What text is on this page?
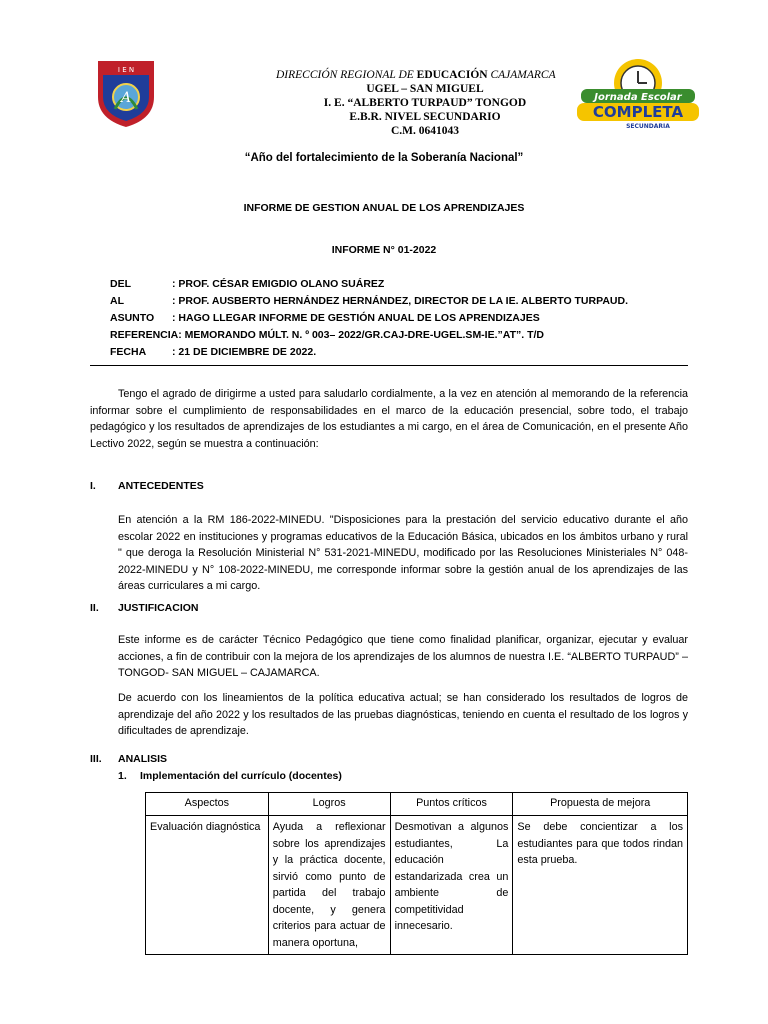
A
I E N	DIRECCIÓN REGIONAL DE EDUCACIÓN CAJAMARCA
UGEL – SAN MIGUEL
I. E. “ALBERTO TURPAUD” TONGOD
E.B.R. NIVEL SECUNDARIO
C.M. 0641043
Jornada Escolar
COMPLETA
SECUNDARIA
“Año del fortalecimiento de la Soberanía Nacional”
INFORME DE GESTION ANUAL DE LOS APRENDIZAJES
INFORME N° 01-2022
DEL	: PROF. CÉSAR EMIGDIO OLANO SUÁREZ
AL	: PROF. AUSBERTO HERNÁNDEZ HERNÁNDEZ, DIRECTOR DE LA IE. ALBERTO TURPAUD.
ASUNTO	: HAGO LLEGAR INFORME DE GESTIÓN ANUAL DE LOS APRENDIZAJES
REFERENCIA: MEMORANDO MÚLT. N. º 003– 2022/GR.CAJ-DRE-UGEL.SM-IE.”AT”. T/D
FECHA	: 21 DE DICIEMBRE DE 2022.
Tengo el agrado de dirigirme a usted para saludarlo cordialmente, a la vez en atención al memorando de la referencia informar sobre el cumplimiento de responsabilidades en el marco de la educación presencial, sobre todo, el trabajo pedagógico y los resultados de aprendizajes de los estudiantes a mi cargo, en el área de Comunicación, en el presente Año Lectivo 2022, según se muestra a continuación:
I.	ANTECEDENTES
En atención a la RM 186-2022-MINEDU. "Disposiciones para la prestación del servicio educativo durante el año escolar 2022 en instituciones y programas educativos de la Educación Básica, ubicados en los ámbitos urbano y rural " que deroga la Resolución Ministerial N° 531-2021-MINEDU, modificado por las Resoluciones Ministeriales N° 048-2022-MINEDU y N° 108-2022-MINEDU, me corresponde informar sobre la gestión anual de los aprendizajes de las áreas curriculares a mi cargo.
II.	JUSTIFICACION
Este informe es de carácter Técnico Pedagógico que tiene como finalidad planificar, organizar, ejecutar y evaluar acciones, a fin de contribuir con la mejora de los aprendizajes de los alumnos de nuestra I.E. “ALBERTO TURPAUD” – TONGOD- SAN MIGUEL – CAJAMARCA.
De acuerdo con los lineamientos de la política educativa actual; se han considerado los resultados de logros de aprendizaje del año 2022 y los resultados de las pruebas diagnósticas, teniendo en cuenta el resultado de los logros y dificultades de aprendizaje.
III.	ANALISIS
1.	Implementación del currículo (docentes)
Aspectos	Logros	Puntos críticos	Propuesta de mejora
Evaluación diagnóstica	Ayuda a reflexionar sobre los aprendizajes y la práctica docente, sirvió como punto de partida del trabajo docente, y genera criterios para actuar de manera oportuna,	Desmotivan a algunos estudiantes, La educación estandarizada crea un ambiente de competitividad innecesario.	Se debe concientizar a los estudiantes para que todos rindan esta prueba.
